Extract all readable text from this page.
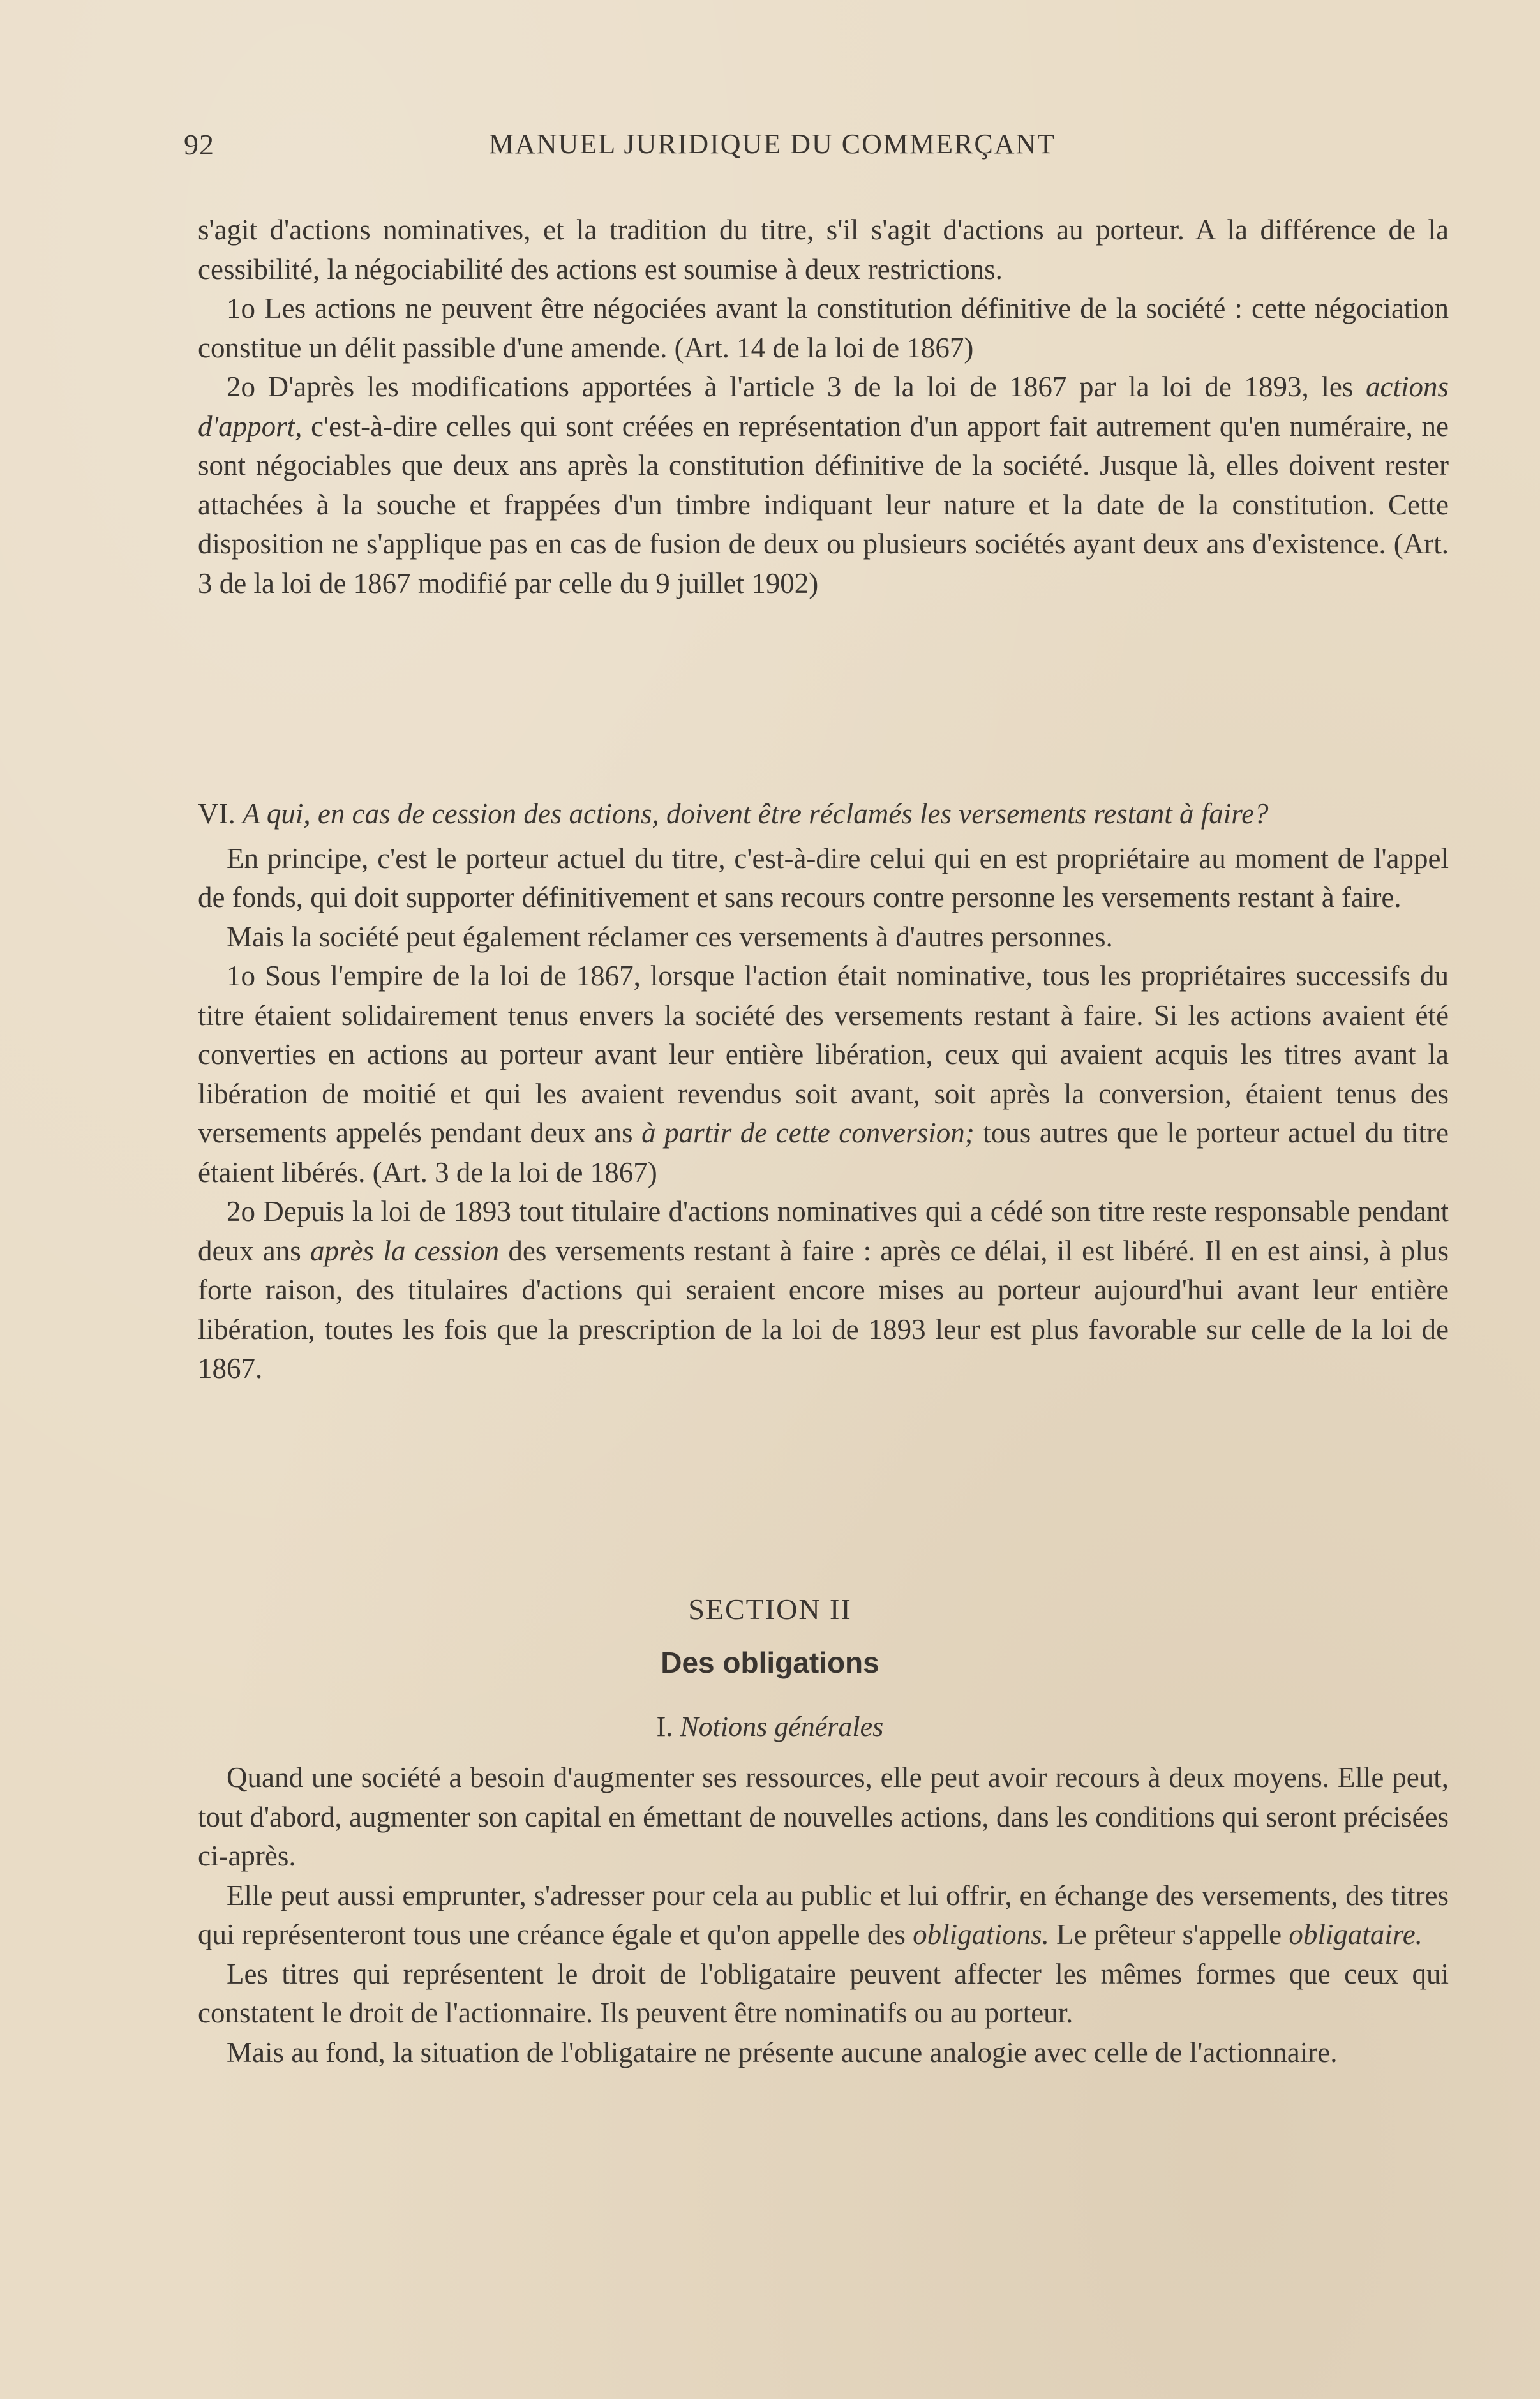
92	MANUEL JURIDIQUE DU COMMERÇANT

s'agit d'actions nominatives, et la tradition du titre, s'il s'agit d'actions au porteur. A la différence de la cessibilité, la négociabilité des actions est soumise à deux restrictions.

1o Les actions ne peuvent être négociées avant la constitution définitive de la société : cette négociation constitue un délit passible d'une amende. (Art. 14 de la loi de 1867)

2o D'après les modifications apportées à l'article 3 de la loi de 1867 par la loi de 1893, les actions d'apport, c'est-à-dire celles qui sont créées en représentation d'un apport fait autrement qu'en numéraire, ne sont négociables que deux ans après la constitution définitive de la société. Jusque là, elles doivent rester attachées à la souche et frappées d'un timbre indiquant leur nature et la date de la constitution. Cette disposition ne s'applique pas en cas de fusion de deux ou plusieurs sociétés ayant deux ans d'existence. (Art. 3 de la loi de 1867 modifié par celle du 9 juillet 1902)

VI. A qui, en cas de cession des actions, doivent être réclamés les versements restant à faire?

En principe, c'est le porteur actuel du titre, c'est-à-dire celui qui en est propriétaire au moment de l'appel de fonds, qui doit supporter définitivement et sans recours contre personne les versements restant à faire.

Mais la société peut également réclamer ces versements à d'autres personnes.

1o Sous l'empire de la loi de 1867, lorsque l'action était nominative, tous les propriétaires successifs du titre étaient solidairement tenus envers la société des versements restant à faire. Si les actions avaient été converties en actions au porteur avant leur entière libération, ceux qui avaient acquis les titres avant la libération de moitié et qui les avaient revendus soit avant, soit après la conversion, étaient tenus des versements appelés pendant deux ans à partir de cette conversion; tous autres que le porteur actuel du titre étaient libérés. (Art. 3 de la loi de 1867)

2o Depuis la loi de 1893 tout titulaire d'actions nominatives qui a cédé son titre reste responsable pendant deux ans après la cession des versements restant à faire : après ce délai, il est libéré. Il en est ainsi, à plus forte raison, des titulaires d'actions qui seraient encore mises au porteur aujourd'hui avant leur entière libération, toutes les fois que la prescription de la loi de 1893 leur est plus favorable sur celle de la loi de 1867.

SECTION II
Des obligations
I. Notions générales

Quand une société a besoin d'augmenter ses ressources, elle peut avoir recours à deux moyens. Elle peut, tout d'abord, augmenter son capital en émettant de nouvelles actions, dans les conditions qui seront précisées ci-après.

Elle peut aussi emprunter, s'adresser pour cela au public et lui offrir, en échange des versements, des titres qui représenteront tous une créance égale et qu'on appelle des obligations. Le prêteur s'appelle obligataire.

Les titres qui représentent le droit de l'obligataire peuvent affecter les mêmes formes que ceux qui constatent le droit de l'actionnaire. Ils peuvent être nominatifs ou au porteur.

Mais au fond, la situation de l'obligataire ne présente aucune analogie avec celle de l'actionnaire.
